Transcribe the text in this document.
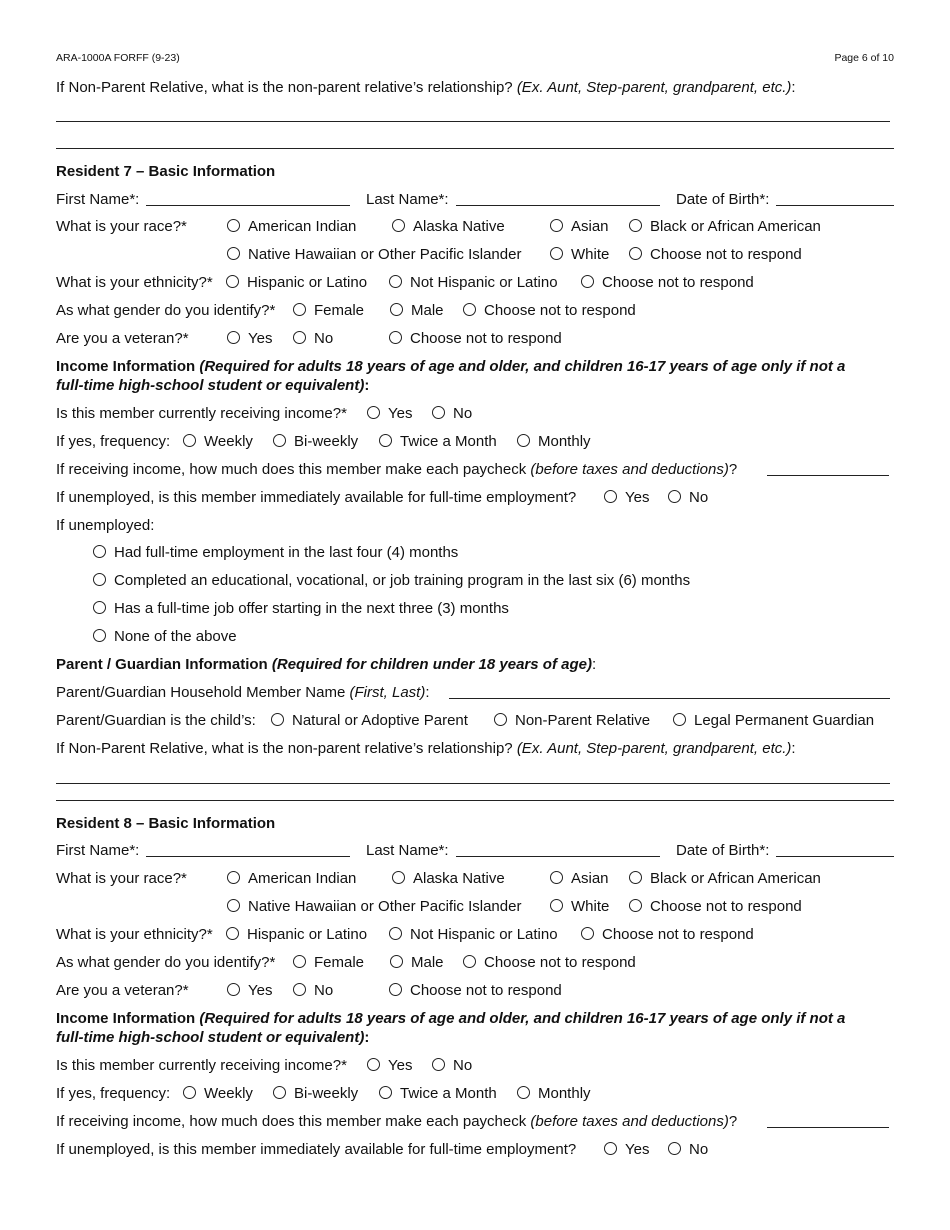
ARA-1000A FORFF (9-23)	Page 6 of 10
If Non-Parent Relative, what is the non-parent relative’s relationship? (Ex. Aunt, Step-parent, grandparent, etc.):
Resident 7 – Basic Information
First Name*:	Last Name*:	Date of Birth*:
What is your race?*	American Indian	Alaska Native	Asian	Black or African American
Native Hawaiian or Other Pacific Islander	White	Choose not to respond
What is your ethnicity?*	Hispanic or Latino	Not Hispanic or Latino	Choose not to respond
As what gender do you identify?*	Female	Male	Choose not to respond
Are you a veteran?*	Yes	No	Choose not to respond
Income Information (Required for adults 18 years of age and older, and children 16-17 years of age only if not a
full-time high-school student or equivalent):
Is this member currently receiving income?*	Yes	No
If yes, frequency:	Weekly	Bi-weekly	Twice a Month	Monthly
If receiving income, how much does this member make each paycheck (before taxes and deductions)?
If unemployed, is this member immediately available for full-time employment?	Yes	No
If unemployed:
Had full-time employment in the last four (4) months
Completed an educational, vocational, or job training program in the last six (6) months
Has a full-time job offer starting in the next three (3) months
None of the above
Parent / Guardian Information (Required for children under 18 years of age):
Parent/Guardian Household Member Name (First, Last):
Parent/Guardian is the child’s:	Natural or Adoptive Parent	Non-Parent Relative	Legal Permanent Guardian
If Non-Parent Relative, what is the non-parent relative’s relationship? (Ex. Aunt, Step-parent, grandparent, etc.):
Resident 8 – Basic Information
First Name*:	Last Name*:	Date of Birth*:
What is your race?*	American Indian	Alaska Native	Asian	Black or African American
Native Hawaiian or Other Pacific Islander	White	Choose not to respond
What is your ethnicity?*	Hispanic or Latino	Not Hispanic or Latino	Choose not to respond
As what gender do you identify?*	Female	Male	Choose not to respond
Are you a veteran?*	Yes	No	Choose not to respond
Income Information (Required for adults 18 years of age and older, and children 16-17 years of age only if not a
full-time high-school student or equivalent):
Is this member currently receiving income?*	Yes	No
If yes, frequency:	Weekly	Bi-weekly	Twice a Month	Monthly
If receiving income, how much does this member make each paycheck (before taxes and deductions)?
If unemployed, is this member immediately available for full-time employment?	Yes	No
